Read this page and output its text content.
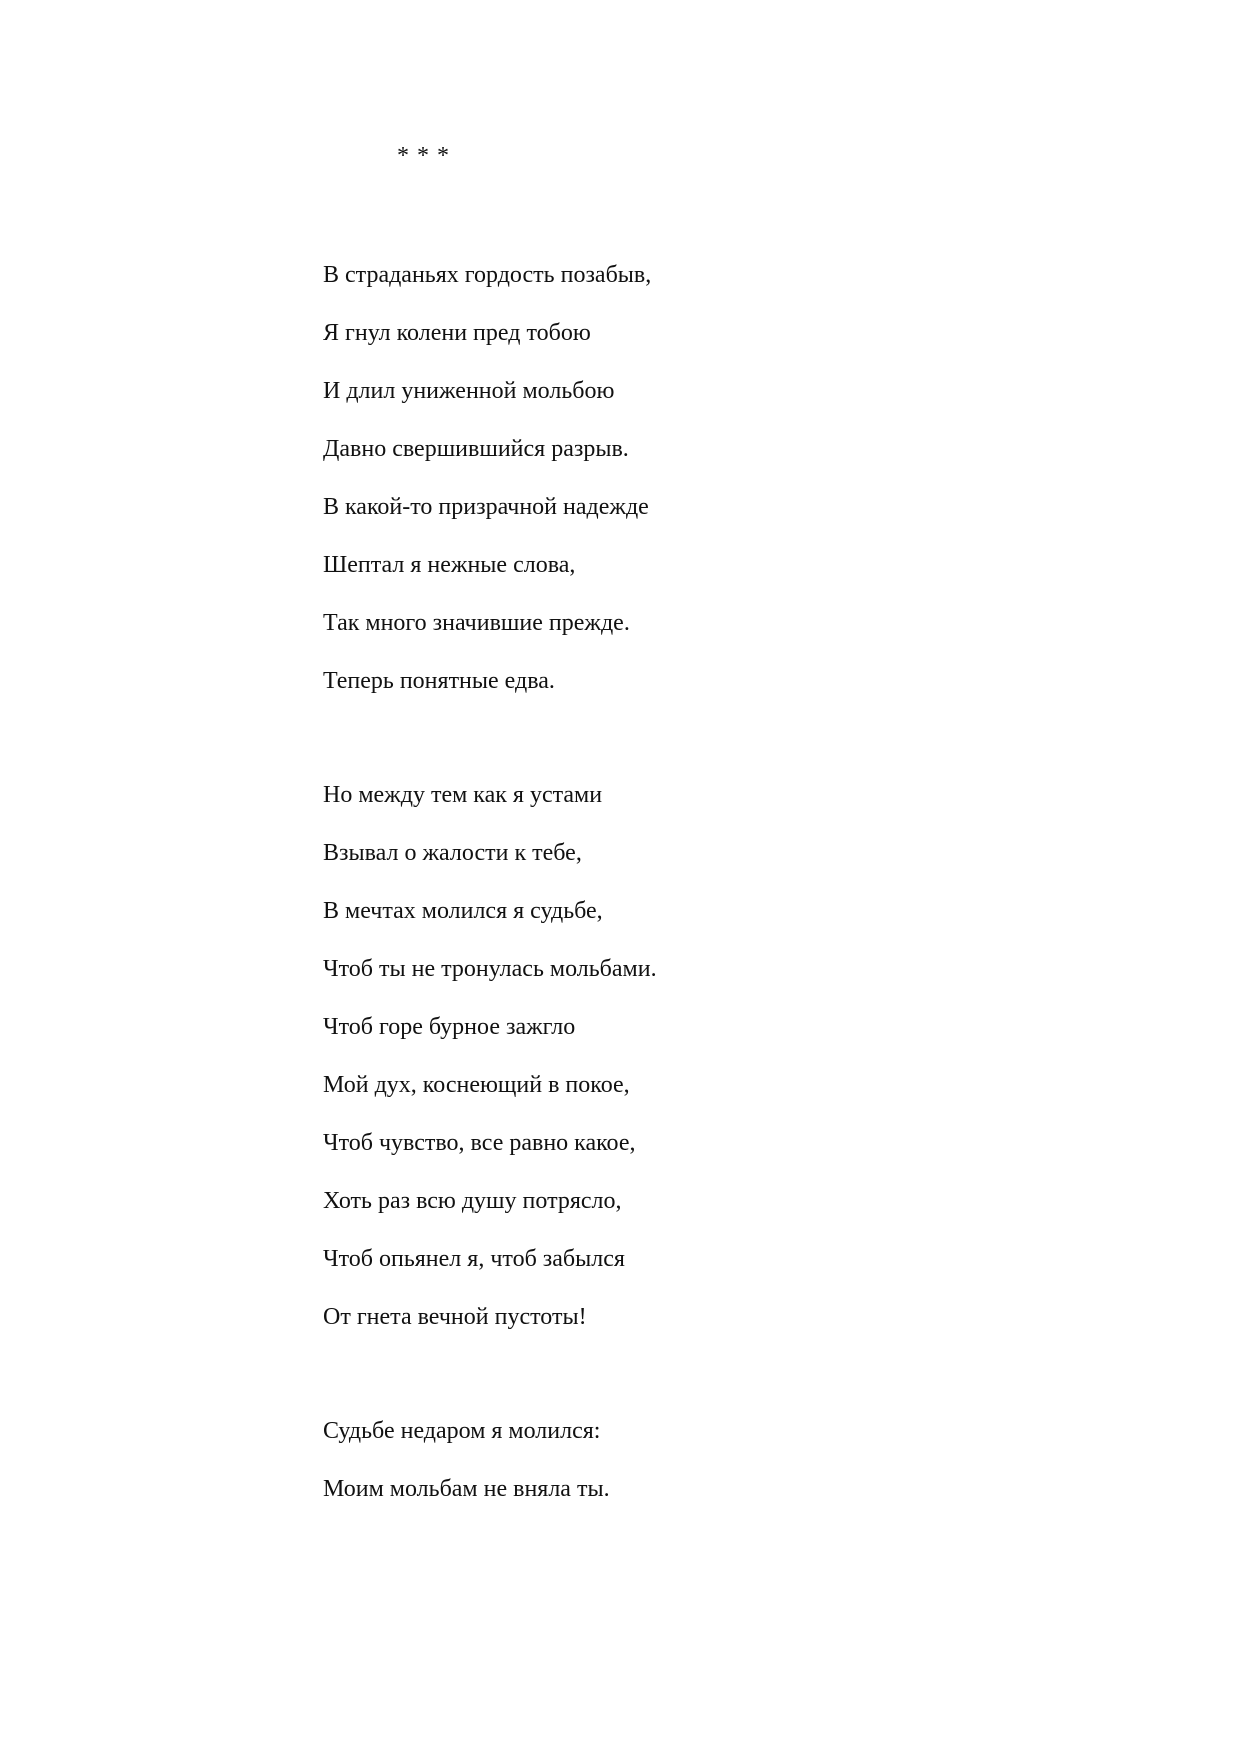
* * *
В страданьях гордость позабыв,
Я гнул колени пред тобою
И длил униженной мольбою
Давно свершившийся разрыв.
В какой-то призрачной надежде
Шептал я нежные слова,
Так много значившие прежде.
Теперь понятные едва.
Но между тем как я устами
Взывал о жалости к тебе,
В мечтах молился я судьбе,
Чтоб ты не тронулась мольбами.
Чтоб горе бурное зажгло
Мой дух, коснеющий в покое,
Чтоб чувство, все равно какое,
Хоть раз всю душу потрясло,
Чтоб опьянел я, чтоб забылся
От гнета вечной пустоты!
Судьбе недаром я молился:
Моим мольбам не вняла ты.
